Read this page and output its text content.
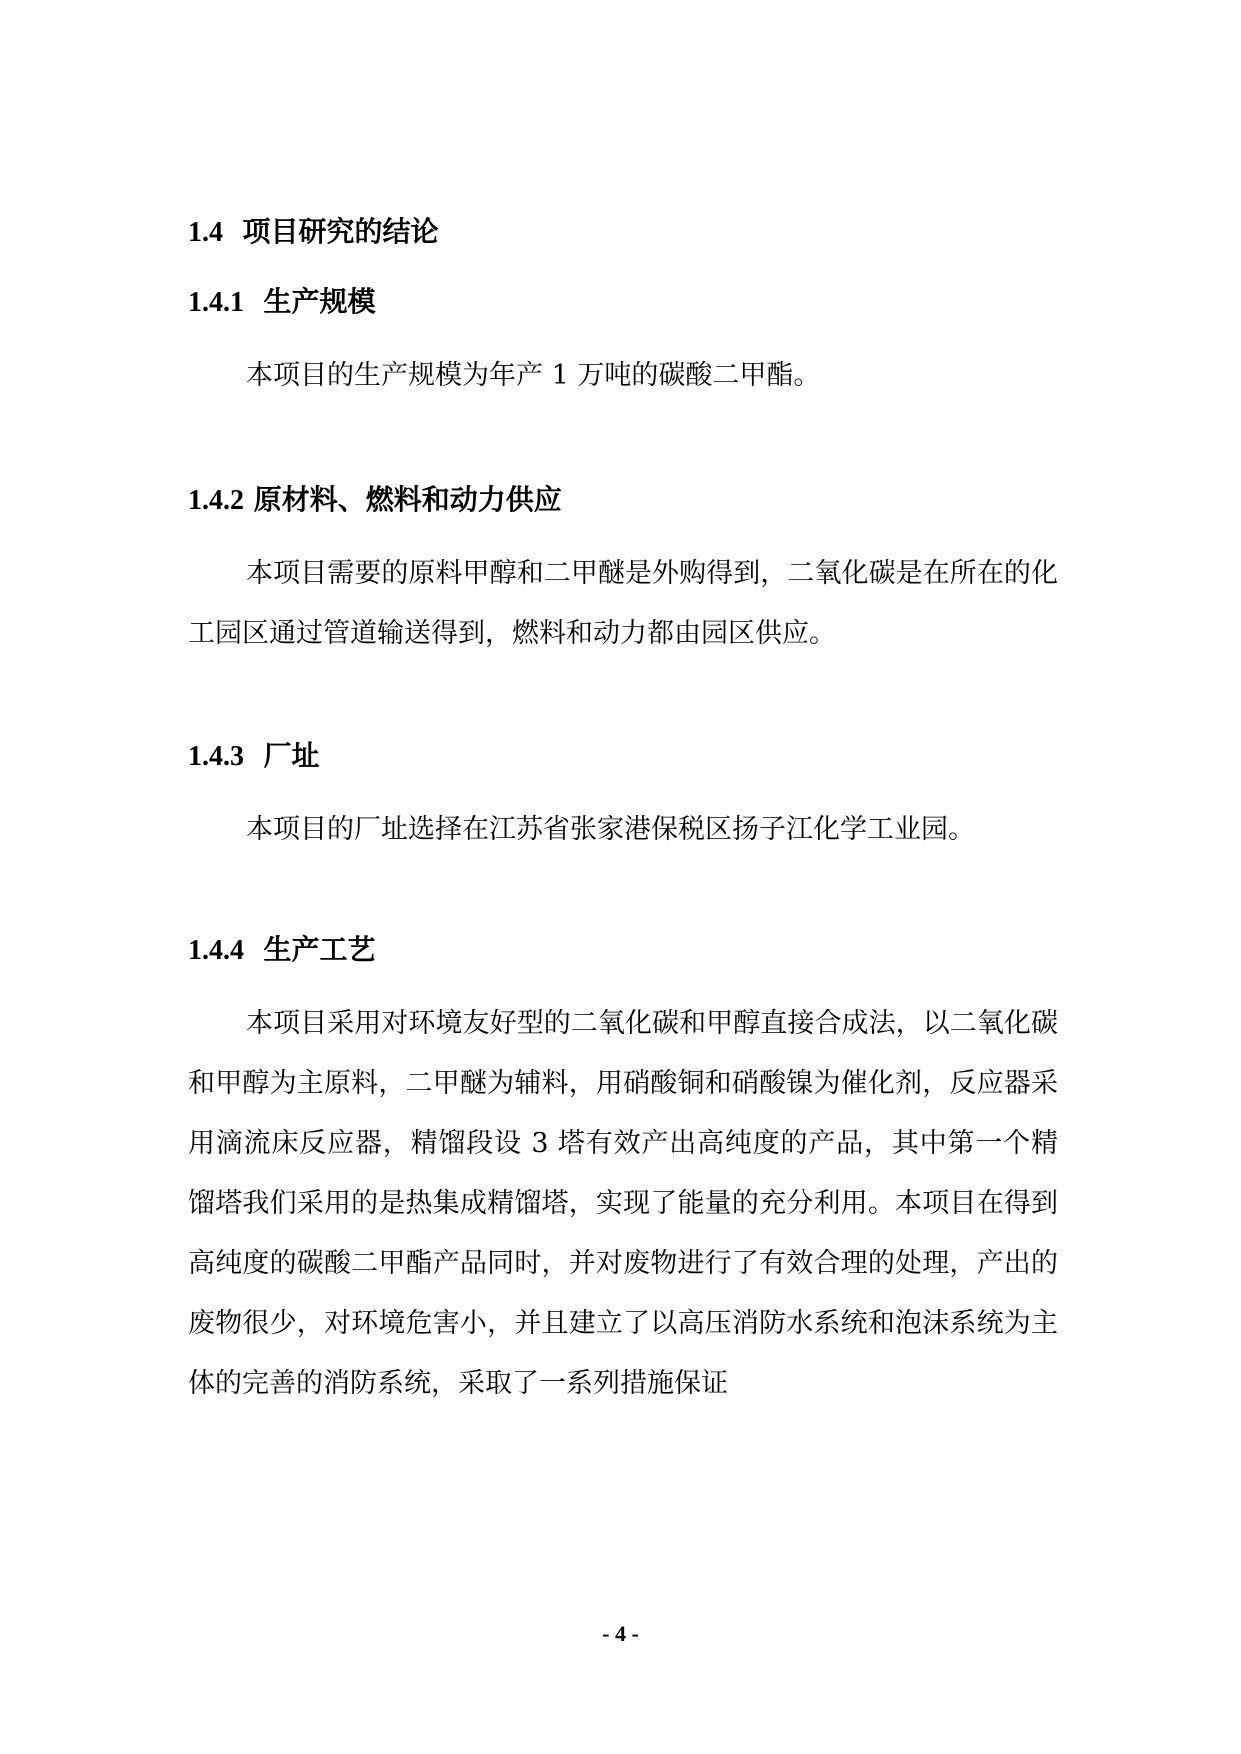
1.4 项目研究的结论
1.4.1 生产规模

本项目的生产规模为年产 1 万吨的碳酸二甲酯。

1.4.2 原材料、燃料和动力供应

本项目需要的原料甲醇和二甲醚是外购得到，二氧化碳是在所在的化工园区通过管道输送得到，燃料和动力都由园区供应。

1.4.3 厂址

本项目的厂址选择在江苏省张家港保税区扬子江化学工业园。

1.4.4 生产工艺

本项目采用对环境友好型的二氧化碳和甲醇直接合成法，以二氧化碳和甲醇为主原料，二甲醚为辅料，用硝酸铜和硝酸镍为催化剂，反应器采用滴流床反应器，精馏段设 3 塔有效产出高纯度的产品，其中第一个精馏塔我们采用的是热集成精馏塔，实现了能量的充分利用。本项目在得到高纯度的碳酸二甲酯产品同时，并对废物进行了有效合理的处理，产出的废物很少，对环境危害小，并且建立了以高压消防水系统和泡沫系统为主体的完善的消防系统，采取了一系列措施保证

- 4 -
